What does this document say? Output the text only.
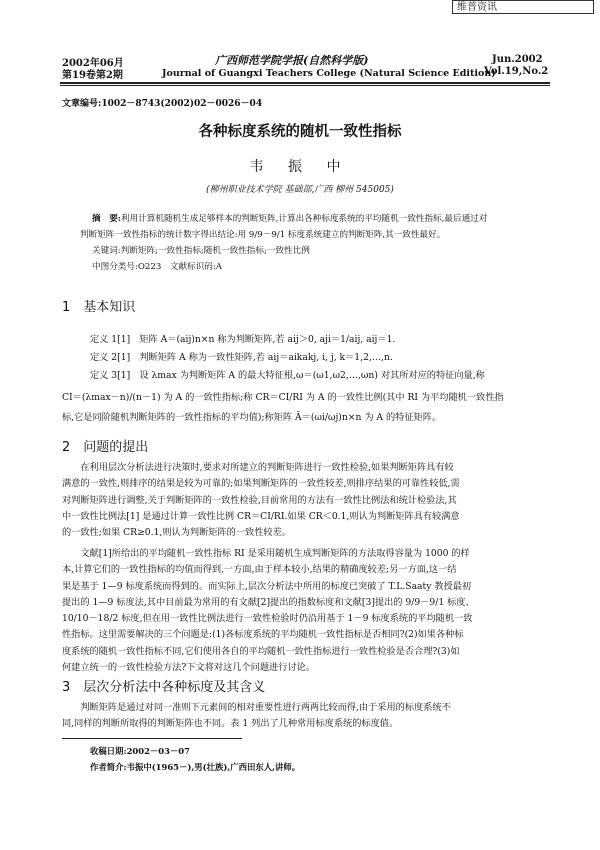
维普资讯
2002年06月
第19卷第2期
广西师范学院学报(自然科学版)
Journal of Guangxi Teachers College (Natural Science Edition)
Jun.2002
Vol.19,No.2
文章编号:1002－8743(2002)02－0026－04
各种标度系统的随机一致性指标
韦 振 中
(柳州职业技术学院 基础部,广西 柳州 545005)
摘　要:利用计算机随机生成足够样本的判断矩阵,计算出各种标度系统的平均随机一致性指标,最后通过对
判断矩阵一致性指标的统计数字得出结论:用 9/9－9/1 标度系统建立的判断矩阵,其一致性最好。
关键词:判断矩阵;一致性指标;随机一致性指标;一致性比例
中图分类号:O223　文献标识码:A
1　基本知识
定义 1[1]　矩阵 A＝(aij)n×n 称为判断矩阵,若 aij＞0, aji＝1/aij, aij＝1.
定义 2[1]　判断矩阵 A 称为一致性矩阵,若 aij＝aikakj, i, j, k＝1,2,…,n.
定义 3[1]　设 λmax 为判断矩阵 A 的最大特征根,ω＝(ω1,ω2,…,ωn) 对其所对应的特征向量,称
CI＝(λmax－n)/(n－1) 为 A 的一致性指标;称 CR＝CI/RI 为 A 的一致性比例(其中 RI 为平均随机一致性指
标,它是同阶随机判断矩阵的一致性指标的平均值);称矩阵 Ā＝(ωi/ωj)n×n 为 A 的特征矩阵。
2　问题的提出
　　在利用层次分析法进行决策时,要求对所建立的判断矩阵进行一致性检验,如果判断矩阵具有较
满意的一致性,则排序的结果是较为可靠的;如果判断矩阵的一致性较差,则排序结果的可靠性较低,需
对判断矩阵进行调整,关于判断矩阵的一致性检验,目前常用的方法有一致性比例法和统计检验法,其
中一致性比例法[1] 是通过计算一致性比例 CR＝CI/RI.如果 CR＜0.1,则认为判断矩阵具有较满意
的一致性;如果 CR≥0.1,则认为判断矩阵的一致性较差。
　　文献[1]所给出的平均随机一致性指标 RI 是采用随机生成判断矩阵的方法取得容量为 1000 的样
本,计算它们的一致性指标的均值而得到,一方面,由于样本较小,结果的精确度较差;另一方面,这一结
果是基于 1—9 标度系统而得到的。而实际上,层次分析法中所用的标度已突破了 T.L.Saaty 教授最初
提出的 1—9 标度法,其中目前最为常用的有文献[2]提出的指数标度和文献[3]提出的 9/9－9/1 标度、
10/10－18/2 标度,但在用一致性比例法进行一致性检验时仍沿用基于 1－9 标度系统的平均随机一致
性指标。这里需要解决的三个问题是:(1)各标度系统的平均随机一致性指标是否相同?(2)如果各种标
度系统的随机一致性指标不同,它们使用各自的平均随机一致性指标进行一致性检验是否合理?(3)如
何建立统一的一致性检验方法?下文将对这几个问题进行讨论。
3　层次分析法中各种标度及其含义
　　判断矩阵是通过对同一准则下元素间的相对重要性进行两两比较而得,由于采用的标度系统不
同,同样的判断所取得的判断矩阵也不同。表 1 列出了几种常用标度系统的标度值。
收稿日期:2002－03－07
作者简介:韦振中(1965－),男(壮族),广西田东人,讲师。
